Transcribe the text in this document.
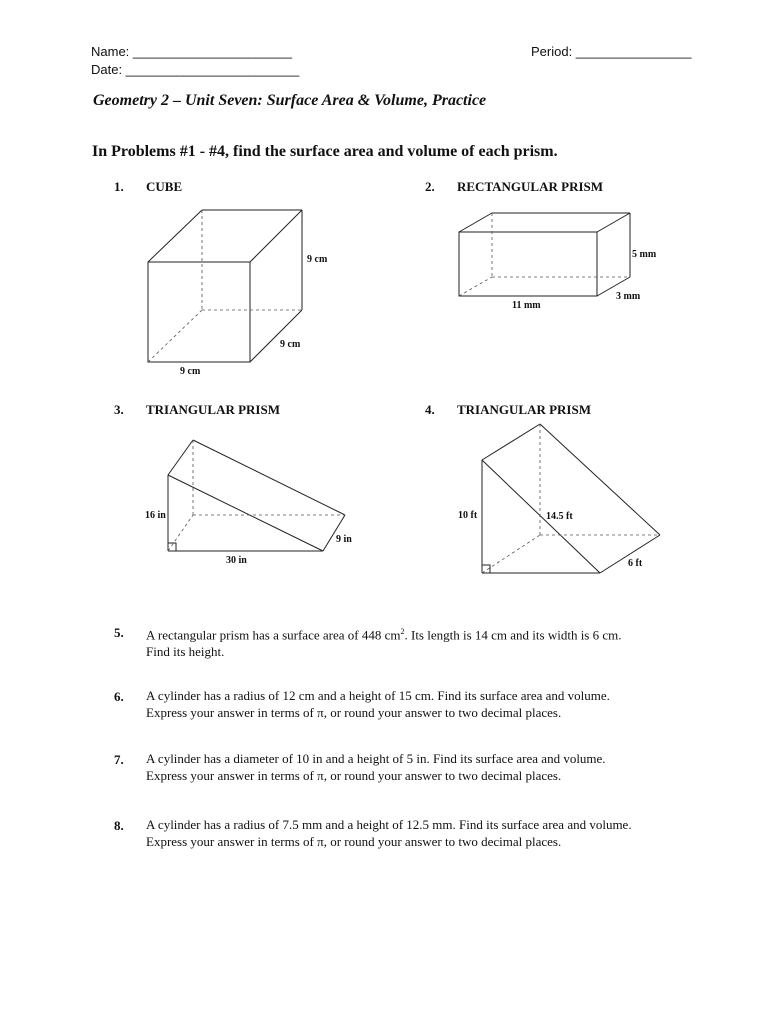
Name: ______________________
Date: ________________________
Period: ________________
Geometry 2 – Unit Seven: Surface Area & Volume, Practice
In Problems #1 - #4, find the surface area and volume of each prism.
1. CUBE
9 cm
9 cm
9 cm
2. RECTANGULAR PRISM
5 mm
3 mm
11 mm
3. TRIANGULAR PRISM
16 in
9 in
30 in
4. TRIANGULAR PRISM
10 ft	14.5 ft
6 ft
5. A rectangular prism has a surface area of 448 $cm^2$. Its length is 14 cm and its width is 6 cm.
Find its height.
6. A cylinder has a radius of 12 cm and a height of 15 cm. Find its surface area and volume.
Express your answer in terms of π, or round your answer to two decimal places.
7. A cylinder has a diameter of 10 in and a height of 5 in. Find its surface area and volume.
Express your answer in terms of π, or round your answer to two decimal places.
8. A cylinder has a radius of 7.5 mm and a height of 12.5 mm. Find its surface area and volume.
Express your answer in terms of π, or round your answer to two decimal places.
